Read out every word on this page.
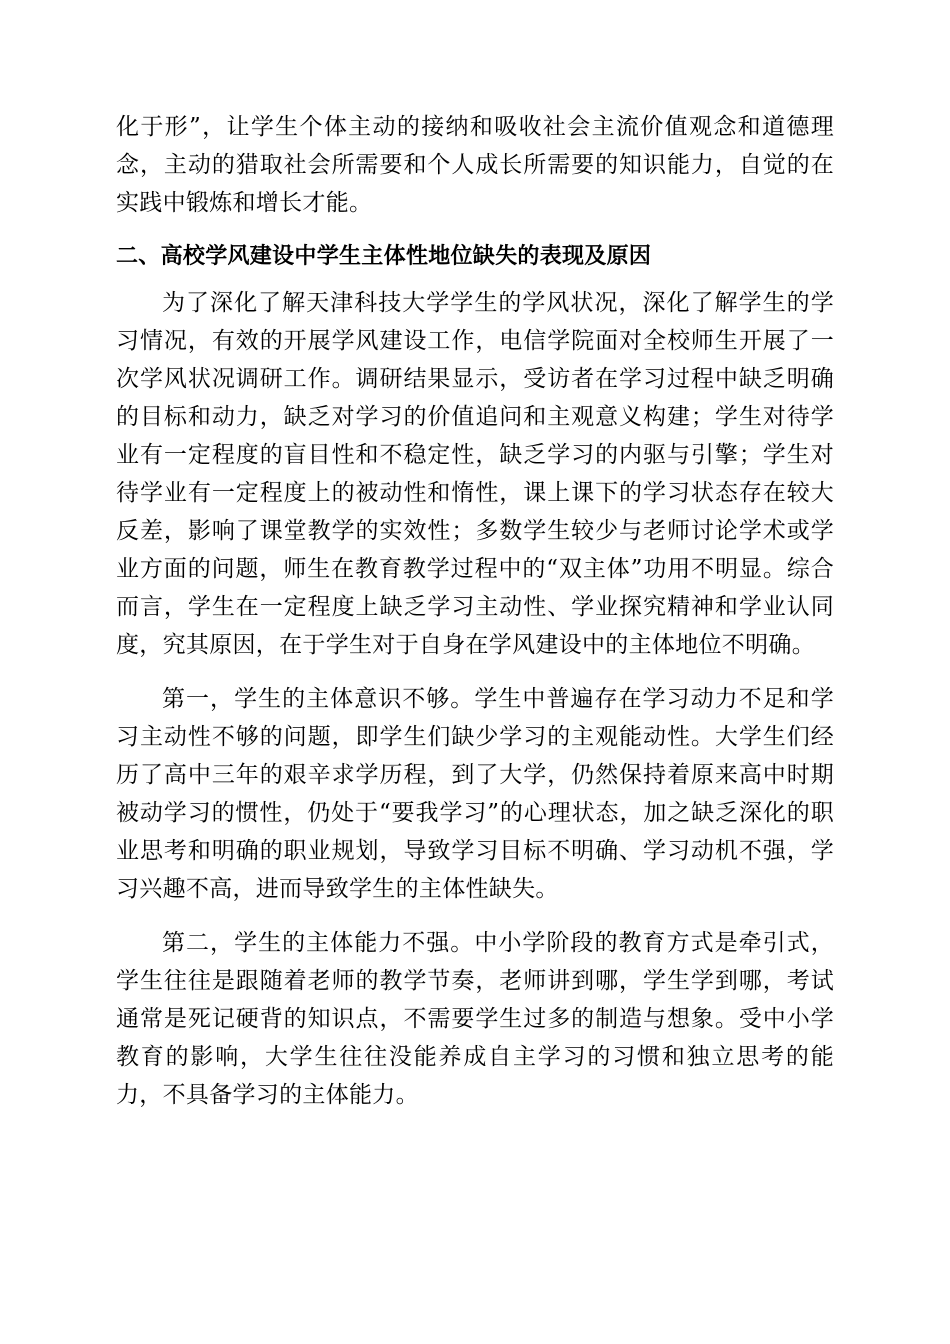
化于形”，让学生个体主动的接纳和吸收社会主流价值观念和道德理念，主动的猎取社会所需要和个人成长所需要的知识能力，自觉的在实践中锻炼和增长才能。

二、高校学风建设中学生主体性地位缺失的表现及原因

为了深化了解天津科技大学学生的学风状况，深化了解学生的学习情况，有效的开展学风建设工作，电信学院面对全校师生开展了一次学风状况调研工作。调研结果显示，受访者在学习过程中缺乏明确的目标和动力，缺乏对学习的价值追问和主观意义构建；学生对待学业有一定程度的盲目性和不稳定性，缺乏学习的内驱与引擎；学生对待学业有一定程度上的被动性和惰性，课上课下的学习状态存在较大反差，影响了课堂教学的实效性；多数学生较少与老师讨论学术或学业方面的问题，师生在教育教学过程中的“双主体”功用不明显。综合而言，学生在一定程度上缺乏学习主动性、学业探究精神和学业认同度，究其原因，在于学生对于自身在学风建设中的主体地位不明确。

第一，学生的主体意识不够。学生中普遍存在学习动力不足和学习主动性不够的问题，即学生们缺少学习的主观能动性。大学生们经历了高中三年的艰辛求学历程，到了大学，仍然保持着原来高中时期被动学习的惯性，仍处于“要我学习”的心理状态，加之缺乏深化的职业思考和明确的职业规划，导致学习目标不明确、学习动机不强，学习兴趣不高，进而导致学生的主体性缺失。

第二，学生的主体能力不强。中小学阶段的教育方式是牵引式，学生往往是跟随着老师的教学节奏，老师讲到哪，学生学到哪，考试通常是死记硬背的知识点，不需要学生过多的制造与想象。受中小学教育的影响，大学生往往没能养成自主学习的习惯和独立思考的能力，不具备学习的主体能力。
